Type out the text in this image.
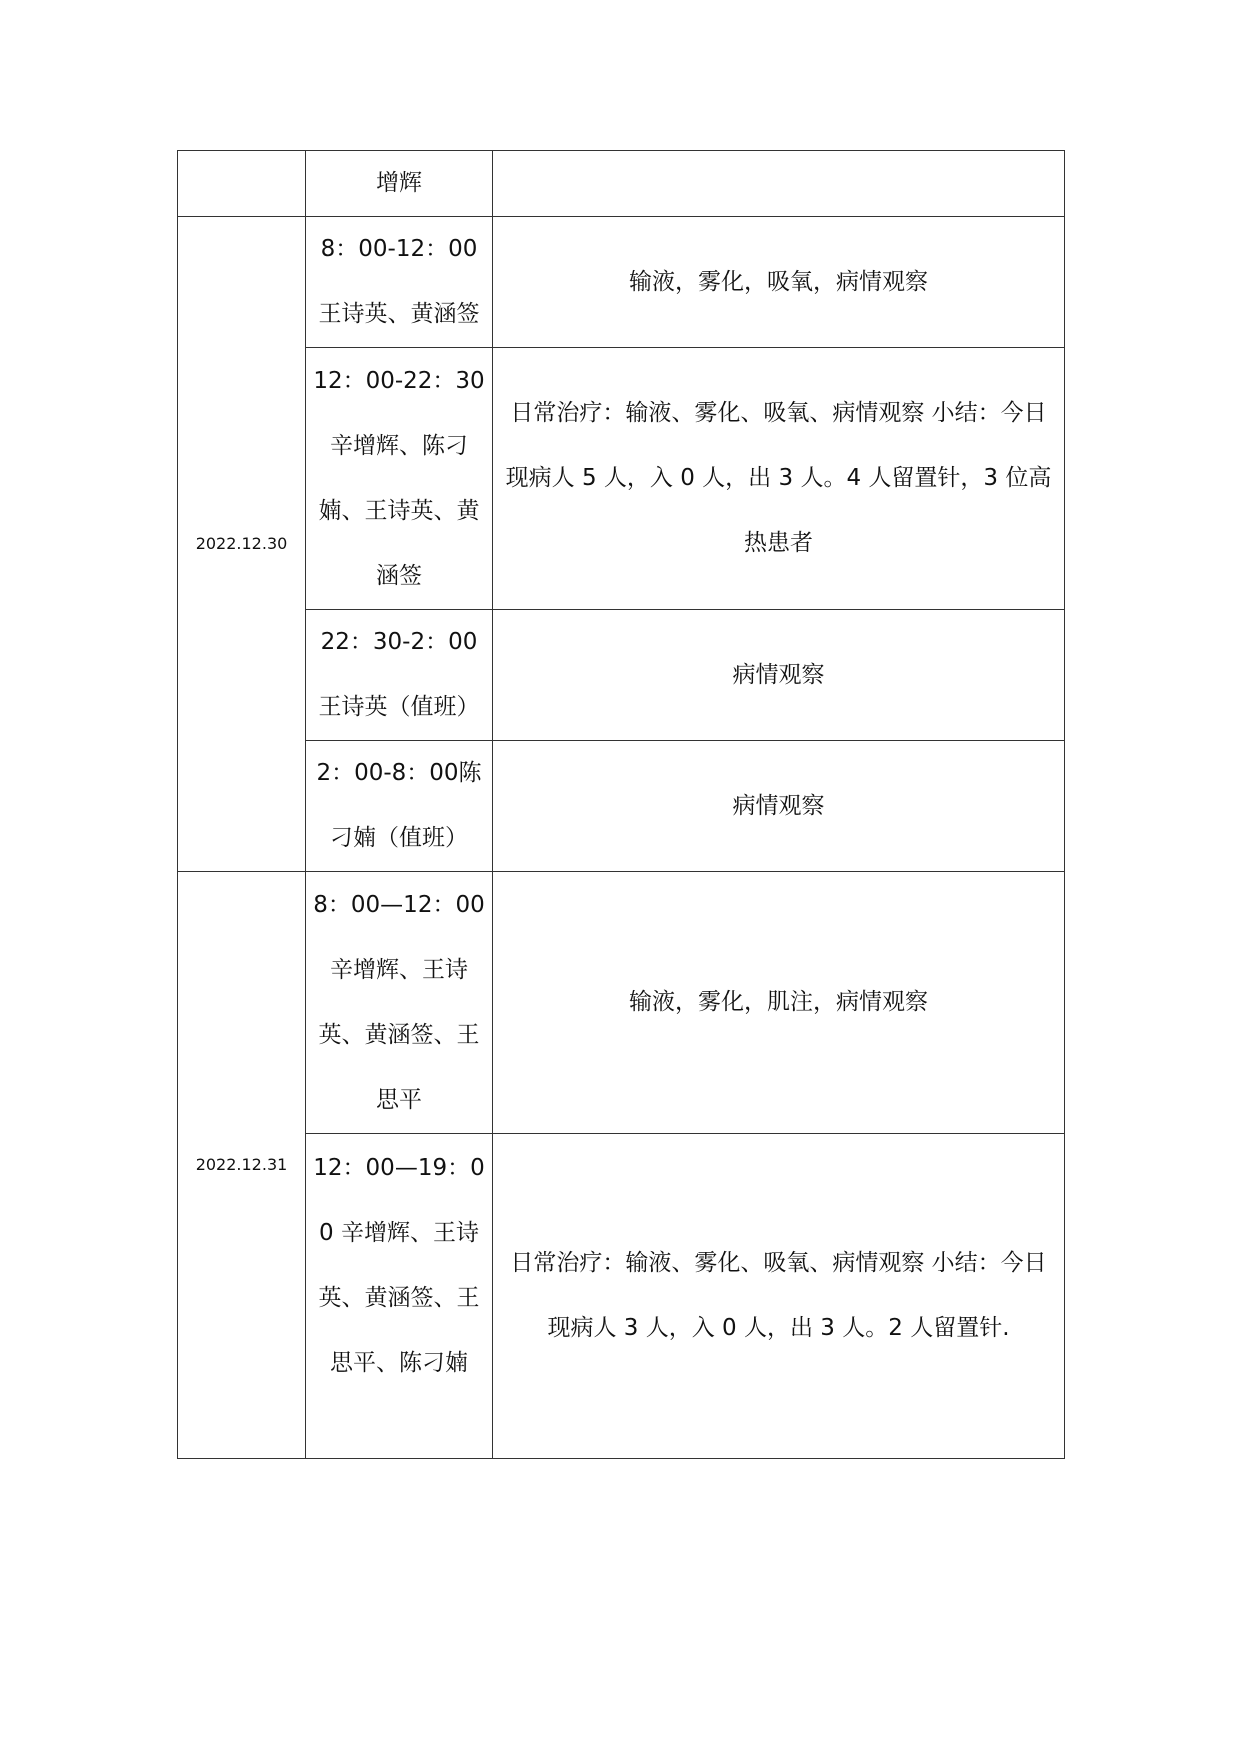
	增辉	

2022.12.30	8：00-12：00王诗英、黄涵签	输液，雾化，吸氧，病情观察

	12：00-22：30辛增辉、陈刁婻、王诗英、黄涵签	日常治疗：输液、雾化、吸氧、病情观察 小结：今日现病人 5 人，入 0 人，出 3 人。4 人留置针，3 位高热患者

	22：30-2：00王诗英（值班）	病情观察

	2：00-8：00陈刁婻（值班）	病情观察

2022.12.31	8：00—12：00辛增辉、王诗英、黄涵签、王思平	输液，雾化，肌注，病情观察

	12：00—19：00 辛增辉、王诗英、黄涵签、王思平、陈刁婻	日常治疗：输液、雾化、吸氧、病情观察 小结：今日现病人 3 人，入 0 人，出 3 人。2 人留置针.
